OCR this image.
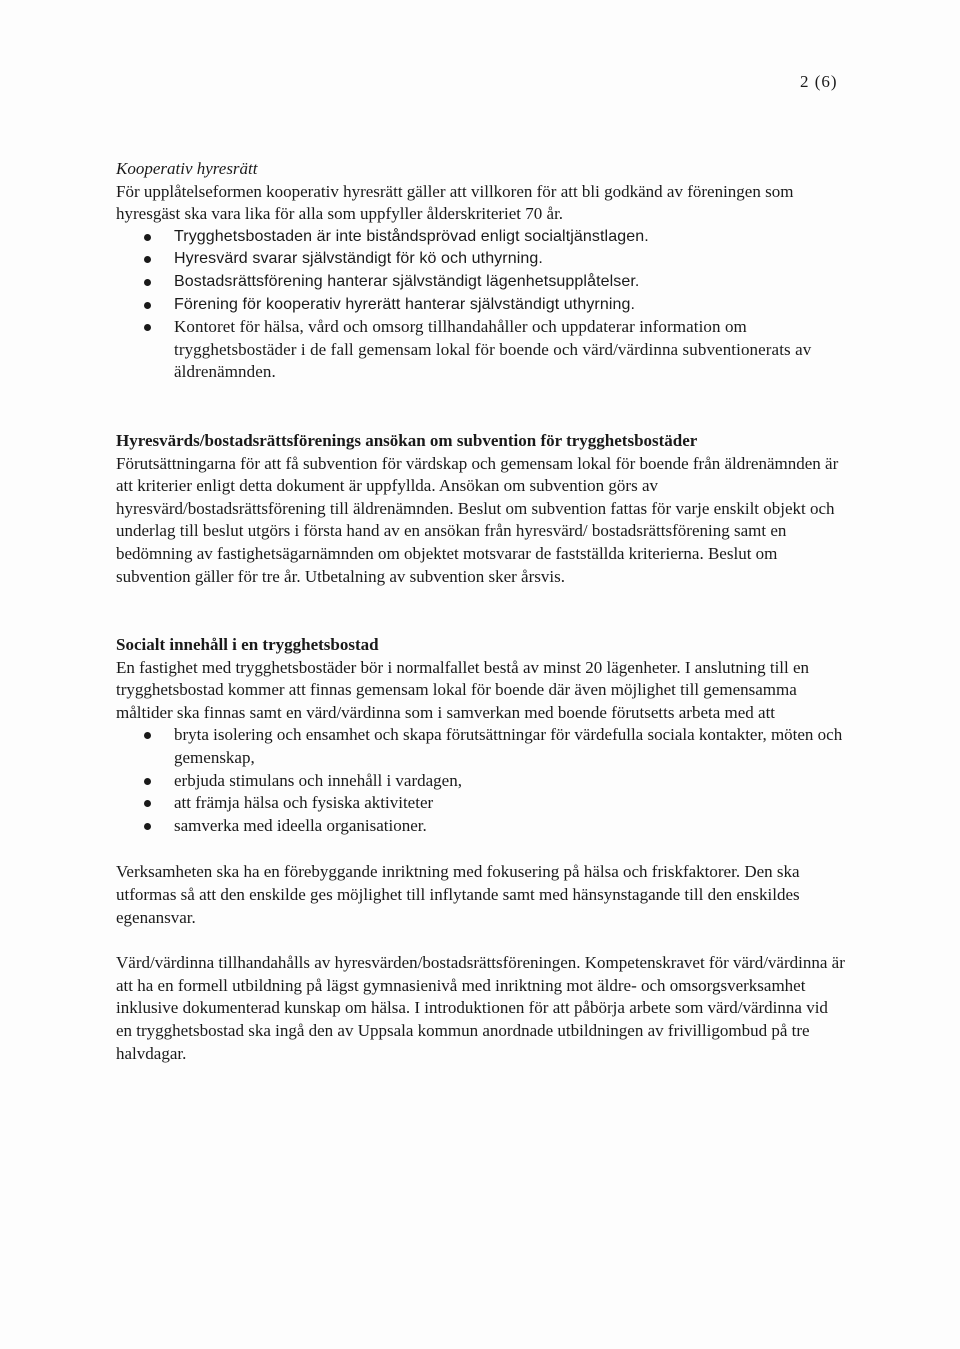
2 (6)
Kooperativ hyresrätt

För upplåtelseformen kooperativ hyresrätt gäller att villkoren för att bli godkänd av föreningen som hyresgäst ska vara lika för alla som uppfyller ålderskriteriet 70 år.

Trygghetsbostaden är inte biståndsprövad enligt socialtjänstlagen.
Hyresvärd svarar självständigt för kö och uthyrning.
Bostadsrättsförening hanterar självständigt lägenhetsupplåtelser.
Förening för kooperativ hyrerätt hanterar självständigt uthyrning.
Kontoret för hälsa, vård och omsorg tillhandahåller och uppdaterar information om trygghetsbostäder i de fall gemensam lokal för boende och värd/värdinna subventionerats av äldrenämnden.
Hyresvärds/bostadsrättsförenings ansökan om subvention för trygghetsbostäder

Förutsättningarna för att få subvention för värdskap och gemensam lokal för boende från äldrenämnden är att kriterier enligt detta dokument är uppfyllda. Ansökan om subvention görs av hyresvärd/bostadsrättsförening till äldrenämnden. Beslut om subvention fattas för varje enskilt objekt och underlag till beslut utgörs i första hand av en ansökan från hyresvärd/ bostadsrättsförening samt en bedömning av fastighetsägarnämnden om objektet motsvarar de fastställda kriterierna. Beslut om subvention gäller för tre år. Utbetalning av subvention sker årsvis.

Socialt innehåll i en trygghetsbostad

En fastighet med trygghetsbostäder bör i normalfallet bestå av minst 20 lägenheter. I anslutning till en trygghetsbostad kommer att finnas gemensam lokal för boende där även möjlighet till gemensamma måltider ska finnas samt en värd/värdinna som i samverkan med boende förutsetts arbeta med att

bryta isolering och ensamhet och skapa förutsättningar för värdefulla sociala kontakter, möten och gemenskap,
erbjuda stimulans och innehåll i vardagen,
att främja hälsa och fysiska aktiviteter
samverka med ideella organisationer.

Verksamheten ska ha en förebyggande inriktning med fokusering på hälsa och friskfaktorer. Den ska utformas så att den enskilde ges möjlighet till inflytande samt med hänsynstagande till den enskildes egenansvar.

Värd/värdinna tillhandahålls av hyresvärden/bostadsrättsföreningen. Kompetenskravet för värd/värdinna är att ha en formell utbildning på lägst gymnasienivå med inriktning mot äldre- och omsorgsverksamhet inklusive dokumenterad kunskap om hälsa. I introduktionen för att påbörja arbete som värd/värdinna vid en trygghetsbostad ska ingå den av Uppsala kommun anordnade utbildningen av frivilligombud på tre halvdagar.
